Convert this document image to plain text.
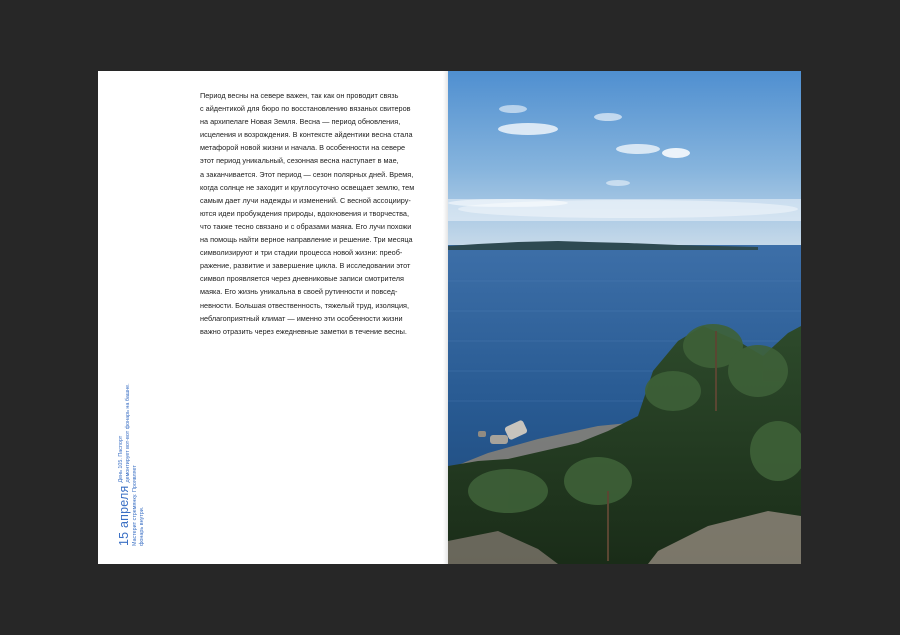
Период весны на севере важен, так как он проводит связь
с айдентикой для бюро по восстановлению вязаных свитеров
на архипелаге Новая Земля. Весна — период обновления,
исцеления и возрождения. В контексте айдентики весна стала
метафорой новой жизни и начала. В особенности на севере
этот период уникальный, сезонная весна наступает в мае,
а заканчивается. Этот период — сезон полярных дней. Время,
когда солнце не заходит и круглосуточно освещает землю, тем
самым дает лучи надежды и изменений. С весной ассоцииру-
ются идеи пробуждения природы, вдохновения и творчества,
что также тесно связано и с образами маяка. Его лучи похожи
на помощь найти верное направление и решение. Три месяца
символизируют и три стадии процесса новой жизни: преоб-
ражение, развитие и завершение цикла. В исследовании этот
символ проявляется через дневниковые записи смотрителя
маяка. Его жизнь уникальна в своей рутинности и повсед-
невности. Большая отвественность, тяжелый труд, изоляция,
неблагоприятный климат — именно эти особенности жизни
важно отразить через ежедневные заметки в течение весны.

15 апреля
День 105. Паспорт демонтирует вот-вот фонарь на башне.
Мастерит стремянку. Проявляет фонарь внутри.
